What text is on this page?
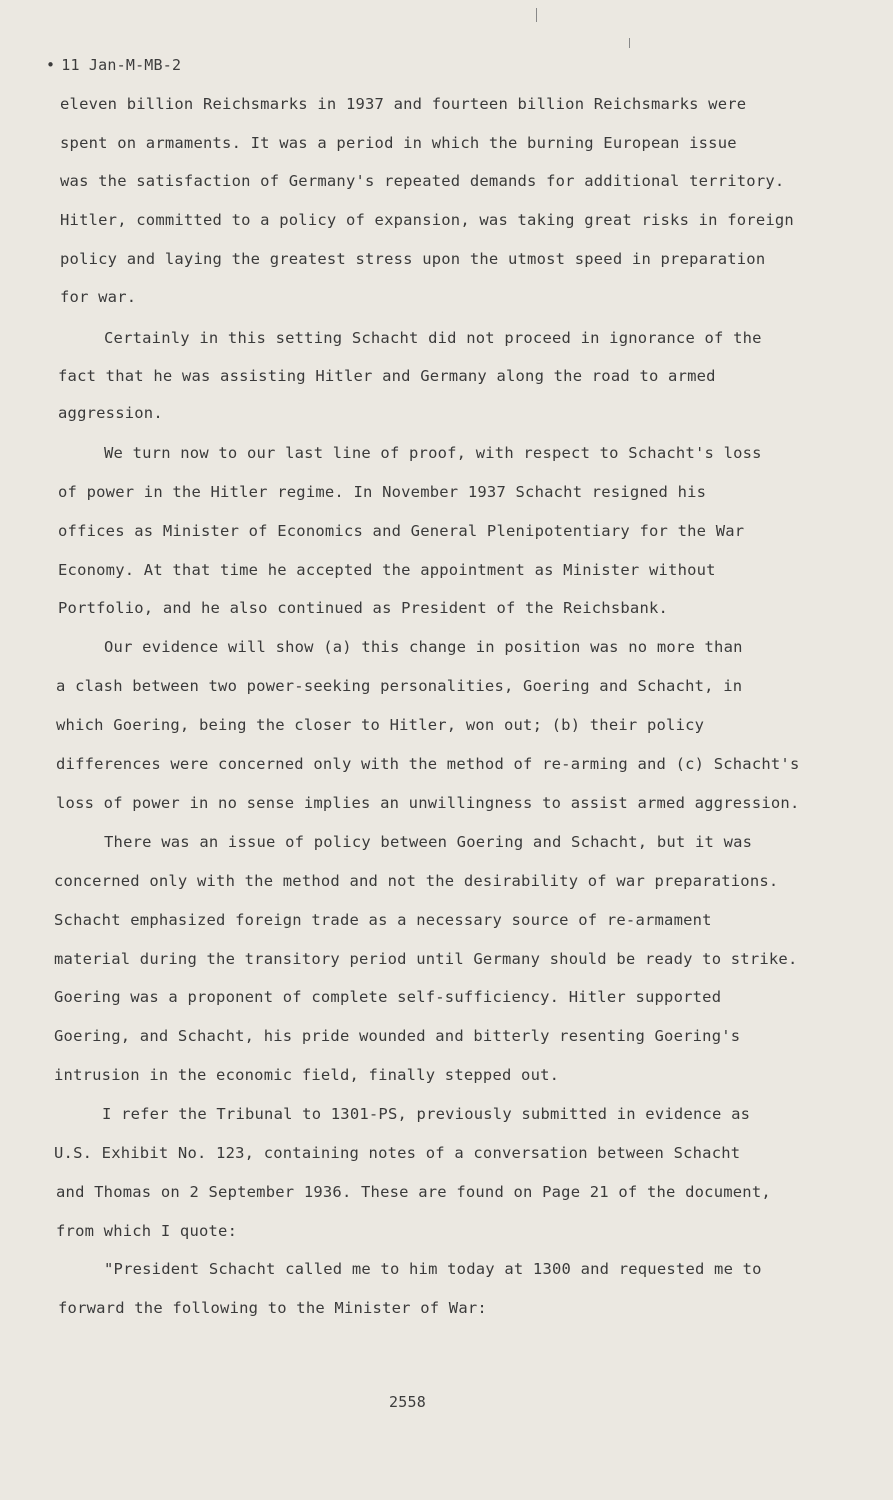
• 11 Jan-M-MB-2
eleven billion Reichsmarks in 1937 and fourteen billion Reichsmarks were
spent on armaments. It was a period in which the burning European issue
was the satisfaction of Germany's repeated demands for additional territory.
Hitler, committed to a policy of expansion, was taking great risks in foreign
policy and laying the greatest stress upon the utmost speed in preparation
for war.
Certainly in this setting Schacht did not proceed in ignorance of the
fact that he was assisting Hitler and Germany along the road to armed
aggression.
We turn now to our last line of proof, with respect to Schacht's loss
of power in the Hitler regime. In November 1937 Schacht resigned his
offices as Minister of Economics and General Plenipotentiary for the War
Economy. At that time he accepted the appointment as Minister without
Portfolio, and he also continued as President of the Reichsbank.
Our evidence will show (a) this change in position was no more than
a clash between two power-seeking personalities, Goering and Schacht, in
which Goering, being the closer to Hitler, won out; (b) their policy
differences were concerned only with the method of re-arming and (c) Schacht's
loss of power in no sense implies an unwillingness to assist armed aggression.
There was an issue of policy between Goering and Schacht, but it was
concerned only with the method and not the desirability of war preparations.
Schacht emphasized foreign trade as a necessary source of re-armament
material during the transitory period until Germany should be ready to strike.
Goering was a proponent of complete self-sufficiency. Hitler supported
Goering, and Schacht, his pride wounded and bitterly resenting Goering's
intrusion in the economic field, finally stepped out.
I refer the Tribunal to 1301-PS, previously submitted in evidence as
U.S. Exhibit No. 123, containing notes of a conversation between Schacht
and Thomas on 2 September 1936. These are found on Page 21 of the document,
from which I quote:
"President Schacht called me to him today at 1300 and requested me to
forward the following to the Minister of War:
2558
